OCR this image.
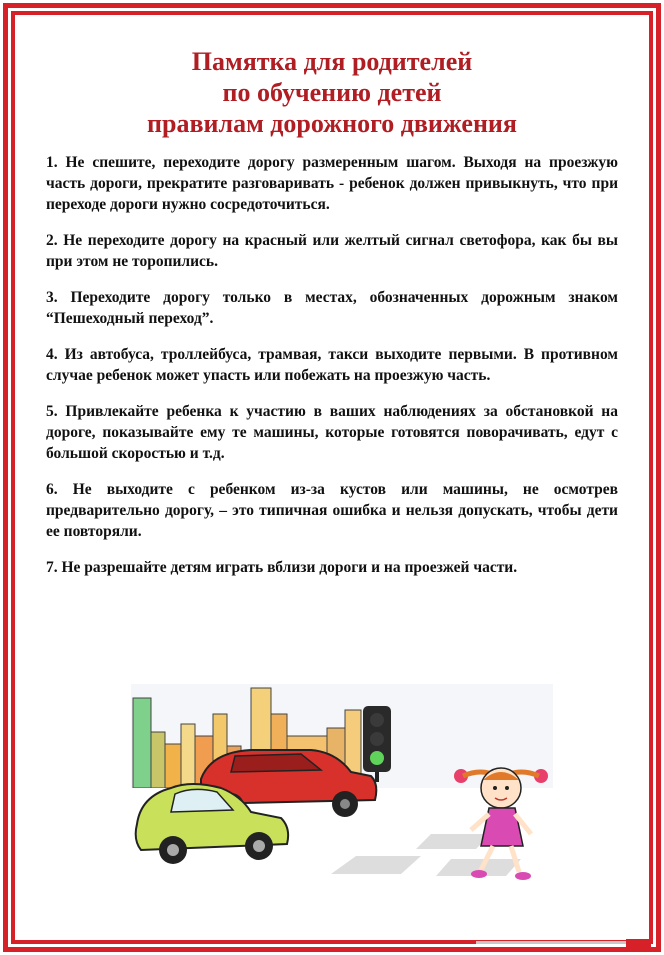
Памятка для родителей
по обучению детей
правилам дорожного движения

1. Не спешите, переходите дорогу размеренным шагом. Выходя на проезжую часть дороги, прекратите разговаривать - ребенок должен привыкнуть, что при переходе дороги нужно сосредоточиться.

2. Не переходите дорогу на красный или желтый сигнал светофора, как бы вы при этом не торопились.

3. Переходите дорогу только в местах, обозначенных дорожным знаком “Пешеходный переход”.

4. Из автобуса, троллейбуса, трамвая, такси выходите первыми. В противном случае ребенок может упасть или побежать на проезжую часть.

5. Привлекайте ребенка к участию в ваших наблюдениях за обстановкой на дороге, показывайте ему те машины, которые готовятся поворачивать, едут с большой скоростью и т.д.

6. Не выходите с ребенком из-за кустов или машины, не осмотрев предварительно дорогу, – это типичная ошибка и нельзя допускать, чтобы дети ее повторяли.

7. Не разрешайте детям играть вблизи дороги и на проезжей части.
